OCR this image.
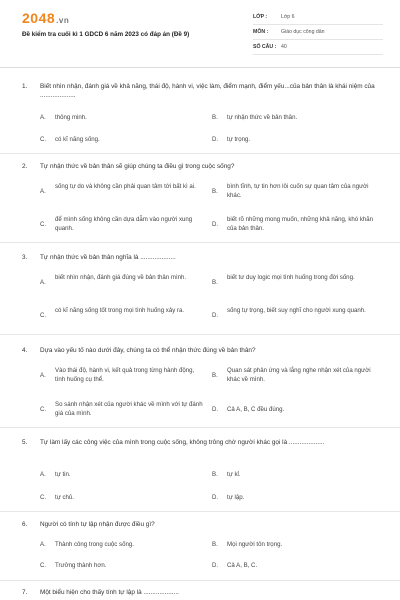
2048.vn
Đề kiểm tra cuối kì 1 GDCD 6 năm 2023 có đáp án (Đề 9)
LỚP :	Lớp 6
MÔN :	Giáo dục công dân
SỐ CÂU : 40
1. Biết nhìn nhận, đánh giá về khả năng, thái độ, hành vi, việc làm, điểm mạnh, điểm yếu...của bản thân là khái niệm của ....................
A. thông minh.	B. tự nhận thức về bản thân.
C. có kĩ năng sống.	D. tự trọng.
2. Tự nhận thức về bản thân sẽ giúp chúng ta điều gì trong cuộc sống?
A.
sống tự do và không cần phải quan tâm tới bất kì ai.
B.
bình tĩnh, tự tin hơn lôi cuốn sự quan tâm của người khác.
C.
để mình sống không cần dựa dẫm vào người xung quanh.
D.
biết rõ những mong muốn, những khả năng, khó khăn của bản thân.
3. Tự nhận thức về bản thân nghĩa là ....................
A.
biết nhìn nhận, đánh giá đúng về bản thân mình.
B.
biết tư duy logic mọi tình huống trong đời sống.
C.
có kĩ năng sống tốt trong mọi tình huống xảy ra.
D.
sống tự trọng, biết suy nghĩ cho người xung quanh.
4. Dựa vào yếu tố nào dưới đây, chúng ta có thể nhận thức đúng về bản thân?
A.
Vào thái độ, hành vi, kết quả trong từng hành động, tình huống cụ thể.
B.
Quan sát phản ứng và lắng nghe nhận xét của người khác về mình.
C.
So sánh nhận xét của người khác về mình với tự đánh giá của mình.
D. Cả A, B, C đều đúng.
5. Tự làm lấy các công việc của mình trong cuộc sống, không trông chờ người khác gọi là ....................
A. tự tin.	B. tự kỉ.
C. tự chủ.	D. tự lập.
6. Người có tính tự lập nhận được điều gì?
A. Thành công trong cuộc sống.	B. Mọi người tôn trọng.
C. Trưởng thành hơn.	D. Cả A, B, C.
7. Một biểu hiện cho thấy tính tự lập là ....................
